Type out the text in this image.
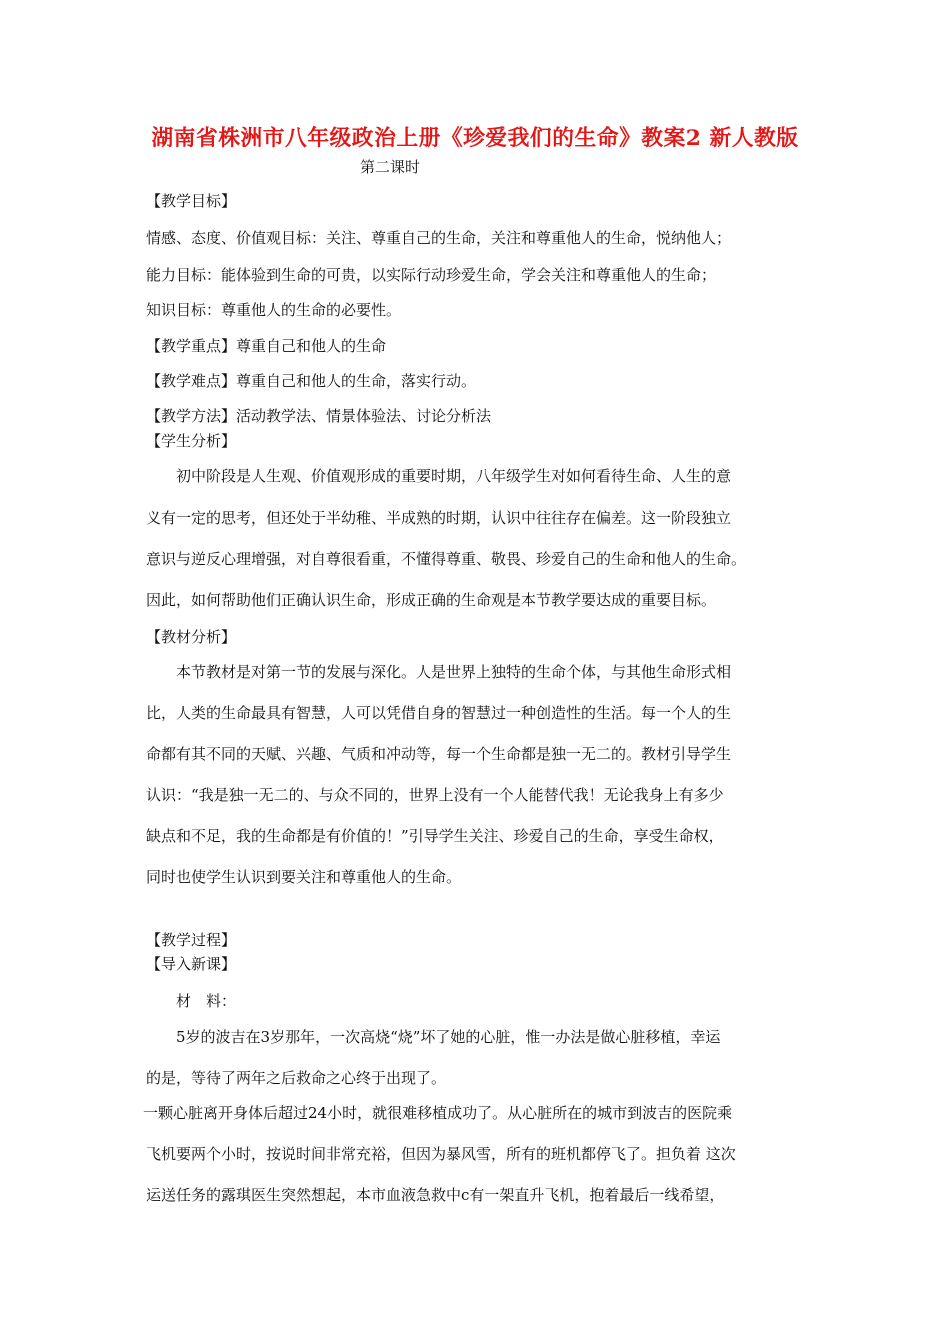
湖南省株洲市八年级政治上册《珍爱我们的生命》教案2 新人教版
第二课时
【教学目标】
情感、态度、价值观目标：关注、尊重自己的生命，关注和尊重他人的生命，悦纳他人；
能力目标：能体验到生命的可贵，以实际行动珍爱生命，学会关注和尊重他人的生命；
知识目标：尊重他人的生命的必要性。
【教学重点】尊重自己和他人的生命
【教学难点】尊重自己和他人的生命，落实行动。
【教学方法】活动教学法、情景体验法、讨论分析法
【学生分析】
初中阶段是人生观、价值观形成的重要时期，八年级学生对如何看待生命、人生的意
义有一定的思考，但还处于半幼稚、半成熟的时期，认识中往往存在偏差。这一阶段独立
意识与逆反心理增强，对自尊很看重，不懂得尊重、敬畏、珍爱自己的生命和他人的生命。
因此，如何帮助他们正确认识生命，形成正确的生命观是本节教学要达成的重要目标。
【教材分析】
本节教材是对第一节的发展与深化。人是世界上独特的生命个体，与其他生命形式相
比，人类的生命最具有智慧，人可以凭借自身的智慧过一种创造性的生活。每一个人的生
命都有其不同的天赋、兴趣、气质和冲动等，每一个生命都是独一无二的。教材引导学生
认识：“我是独一无二的、与众不同的，世界上没有一个人能替代我！无论我身上有多少
缺点和不足，我的生命都是有价值的！”引导学生关注、珍爱自己的生命，享受生命权，
同时也使学生认识到要关注和尊重他人的生命。
【教学过程】
【导入新课】
材　料：
5岁的波吉在3岁那年，一次高烧“烧”坏了她的心脏，惟一办法是做心脏移植，幸运
的是，等待了两年之后救命之心终于出现了。
一颗心脏离开身体后超过24小时，就很难移植成功了。从心脏所在的城市到波吉的医院乘
飞机要两个小时，按说时间非常充裕，但因为暴风雪，所有的班机都停飞了。担负着 这次
运送任务的露琪医生突然想起，本市血液急救中c有一架直升飞机，抱着最后一线希望，
